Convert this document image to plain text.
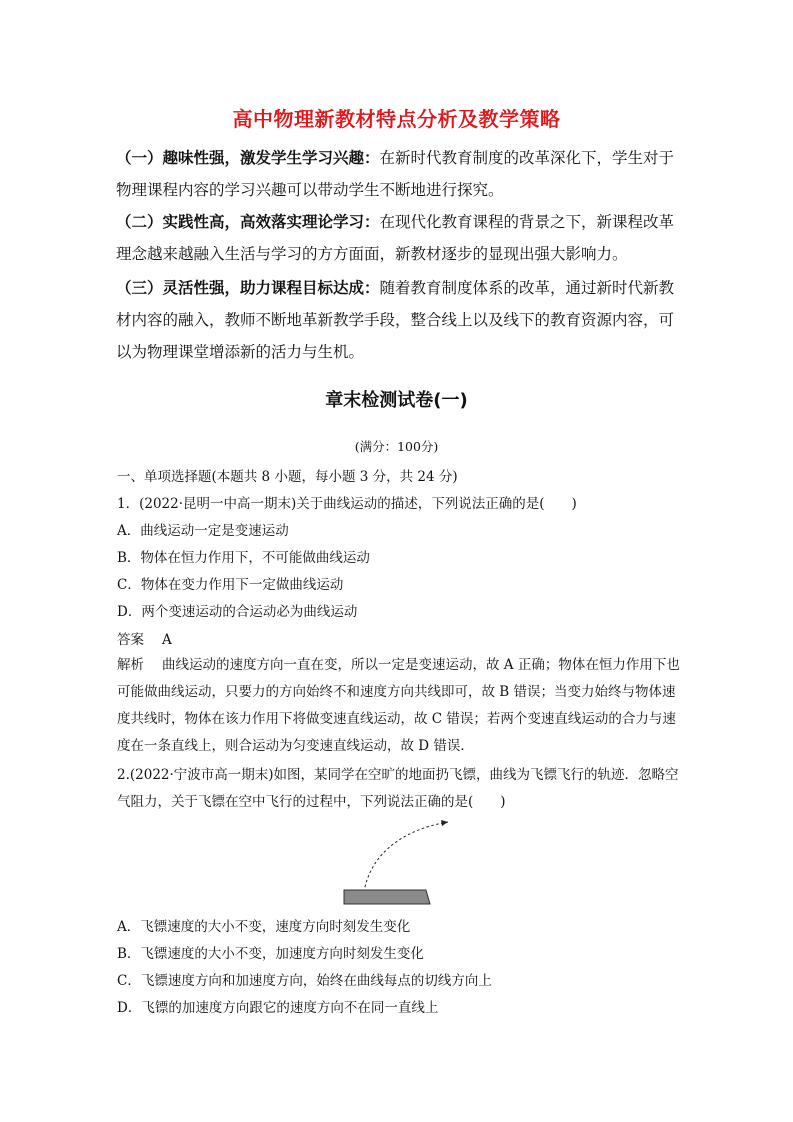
高中物理新教材特点分析及教学策略
（一）趣味性强，激发学生学习兴趣：在新时代教育制度的改革深化下，学生对于物理课程内容的学习兴趣可以带动学生不断地进行探究。
（二）实践性高，高效落实理论学习：在现代化教育课程的背景之下，新课程改革理念越来越融入生活与学习的方方面面，新教材逐步的显现出强大影响力。
（三）灵活性强，助力课程目标达成：随着教育制度体系的改革，通过新时代新教材内容的融入，教师不断地革新教学手段，整合线上以及线下的教育资源内容，可以为物理课堂增添新的活力与生机。
章末检测试卷(一)
(满分：100分)
一、单项选择题(本题共 8 小题，每小题 3 分，共 24 分)
1．(2022·昆明一中高一期末)关于曲线运动的描述，下列说法正确的是(　　)
A．曲线运动一定是变速运动
B．物体在恒力作用下，不可能做曲线运动
C．物体在变力作用下一定做曲线运动
D．两个变速运动的合运动必为曲线运动
答案 A
解析 曲线运动的速度方向一直在变，所以一定是变速运动，故 A 正确；物体在恒力作用下也可能做曲线运动，只要力的方向始终不和速度方向共线即可，故 B 错误；当变力始终与物体速度共线时，物体在该力作用下将做变速直线运动，故 C 错误；若两个变速直线运动的合力与速度在一条直线上，则合运动为匀变速直线运动，故 D 错误．
2.(2022·宁波市高一期末)如图，某同学在空旷的地面扔飞镖，曲线为飞镖飞行的轨迹．忽略空气阻力，关于飞镖在空中飞行的过程中，下列说法正确的是(　　)
A．飞镖速度的大小不变，速度方向时刻发生变化
B．飞镖速度的大小不变，加速度方向时刻发生变化
C．飞镖速度方向和加速度方向，始终在曲线每点的切线方向上
D．飞镖的加速度方向跟它的速度方向不在同一直线上
